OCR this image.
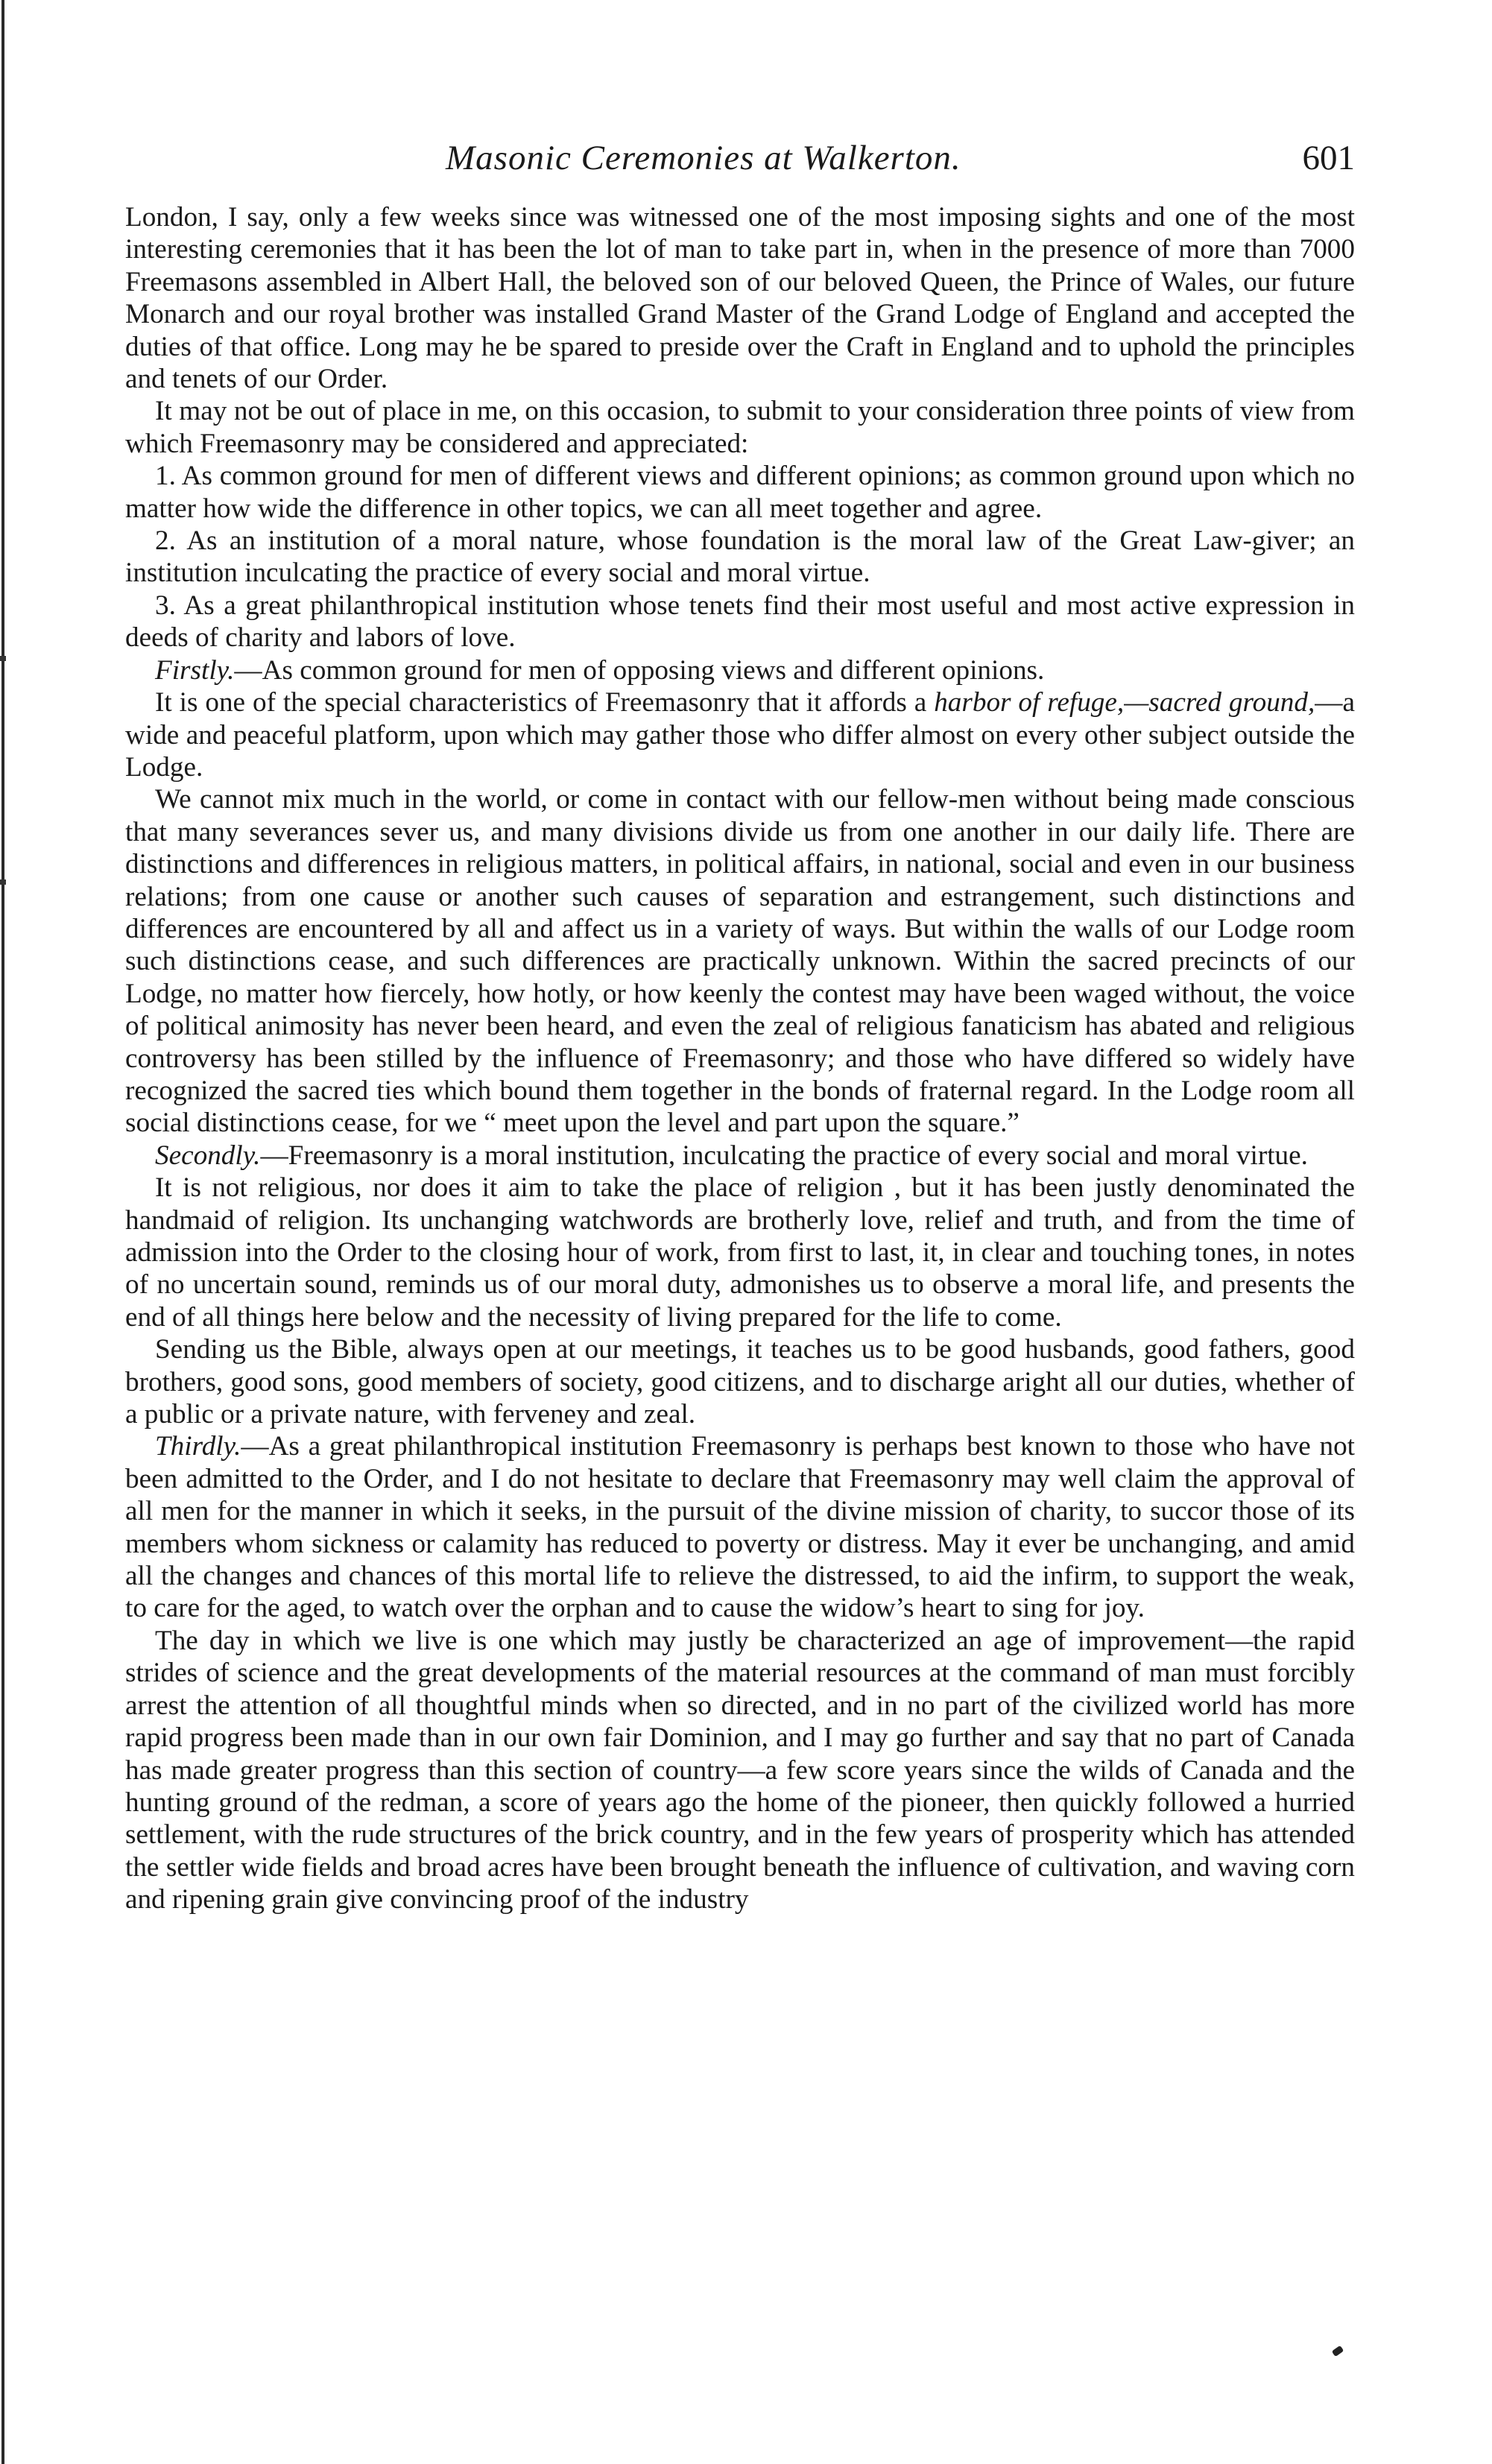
Masonic Ceremonies at Walkerton.	601

London, I say, only a few weeks since was witnessed one of the most imposing sights and one of the most interesting ceremonies that it has been the lot of man to take part in, when in the presence of more than 7000 Freemasons assembled in Albert Hall, the beloved son of our beloved Queen, the Prince of Wales, our future Monarch and our royal brother was installed Grand Master of the Grand Lodge of England and accepted the duties of that office. Long may he be spared to preside over the Craft in England and to uphold the principles and tenets of our Order.

It may not be out of place in me, on this occasion, to submit to your consideration three points of view from which Freemasonry may be considered and appreciated:

1. As common ground for men of different views and different opinions; as common ground upon which no matter how wide the difference in other topics, we can all meet together and agree.

2. As an institution of a moral nature, whose foundation is the moral law of the Great Law-giver; an institution inculcating the practice of every social and moral virtue.

3. As a great philanthropical institution whose tenets find their most useful and most active expression in deeds of charity and labors of love.

Firstly.—As common ground for men of opposing views and different opinions.

It is one of the special characteristics of Freemasonry that it affords a harbor of refuge,—sacred ground,—a wide and peaceful platform, upon which may gather those who differ almost on every other subject outside the Lodge.

We cannot mix much in the world, or come in contact with our fellow-men without being made conscious that many severances sever us, and many divisions divide us from one another in our daily life. There are distinctions and differences in religious matters, in political affairs, in national, social and even in our business relations; from one cause or another such causes of separation and estrangement, such distinctions and differences are encountered by all and affect us in a variety of ways. But within the walls of our Lodge room such distinctions cease, and such differences are practically unknown. Within the sacred precincts of our Lodge, no matter how fiercely, how hotly, or how keenly the contest may have been waged without, the voice of political animosity has never been heard, and even the zeal of religious fanaticism has abated and religious controversy has been stilled by the influence of Freemasonry; and those who have differed so widely have recognized the sacred ties which bound them together in the bonds of fraternal regard. In the Lodge room all social distinctions cease, for we “ meet upon the level and part upon the square.”

Secondly.—Freemasonry is a moral institution, inculcating the practice of every social and moral virtue.

It is not religious, nor does it aim to take the place of religion , but it has been justly denominated the handmaid of religion. Its unchanging watchwords are brotherly love, relief and truth, and from the time of admission into the Order to the closing hour of work, from first to last, it, in clear and touching tones, in notes of no uncertain sound, reminds us of our moral duty, admonishes us to observe a moral life, and presents the end of all things here below and the necessity of living prepared for the life to come.

Sending us the Bible, always open at our meetings, it teaches us to be good husbands, good fathers, good brothers, good sons, good members of society, good citizens, and to discharge aright all our duties, whether of a public or a private nature, with ferveney and zeal.

Thirdly.—As a great philanthropical institution Freemasonry is perhaps best known to those who have not been admitted to the Order, and I do not hesitate to declare that Freemasonry may well claim the approval of all men for the manner in which it seeks, in the pursuit of the divine mission of charity, to succor those of its members whom sickness or calamity has reduced to poverty or distress. May it ever be unchanging, and amid all the changes and chances of this mortal life to relieve the distressed, to aid the infirm, to support the weak, to care for the aged, to watch over the orphan and to cause the widow’s heart to sing for joy.

The day in which we live is one which may justly be characterized an age of improvement—the rapid strides of science and the great developments of the material resources at the command of man must forcibly arrest the attention of all thoughtful minds when so directed, and in no part of the civilized world has more rapid progress been made than in our own fair Dominion, and I may go further and say that no part of Canada has made greater progress than this section of country—a few score years since the wilds of Canada and the hunting ground of the redman, a score of years ago the home of the pioneer, then quickly followed a hurried settlement, with the rude structures of the brick country, and in the few years of prosperity which has attended the settler wide fields and broad acres have been brought beneath the influence of cultivation, and waving corn and ripening grain give convincing proof of the industry
